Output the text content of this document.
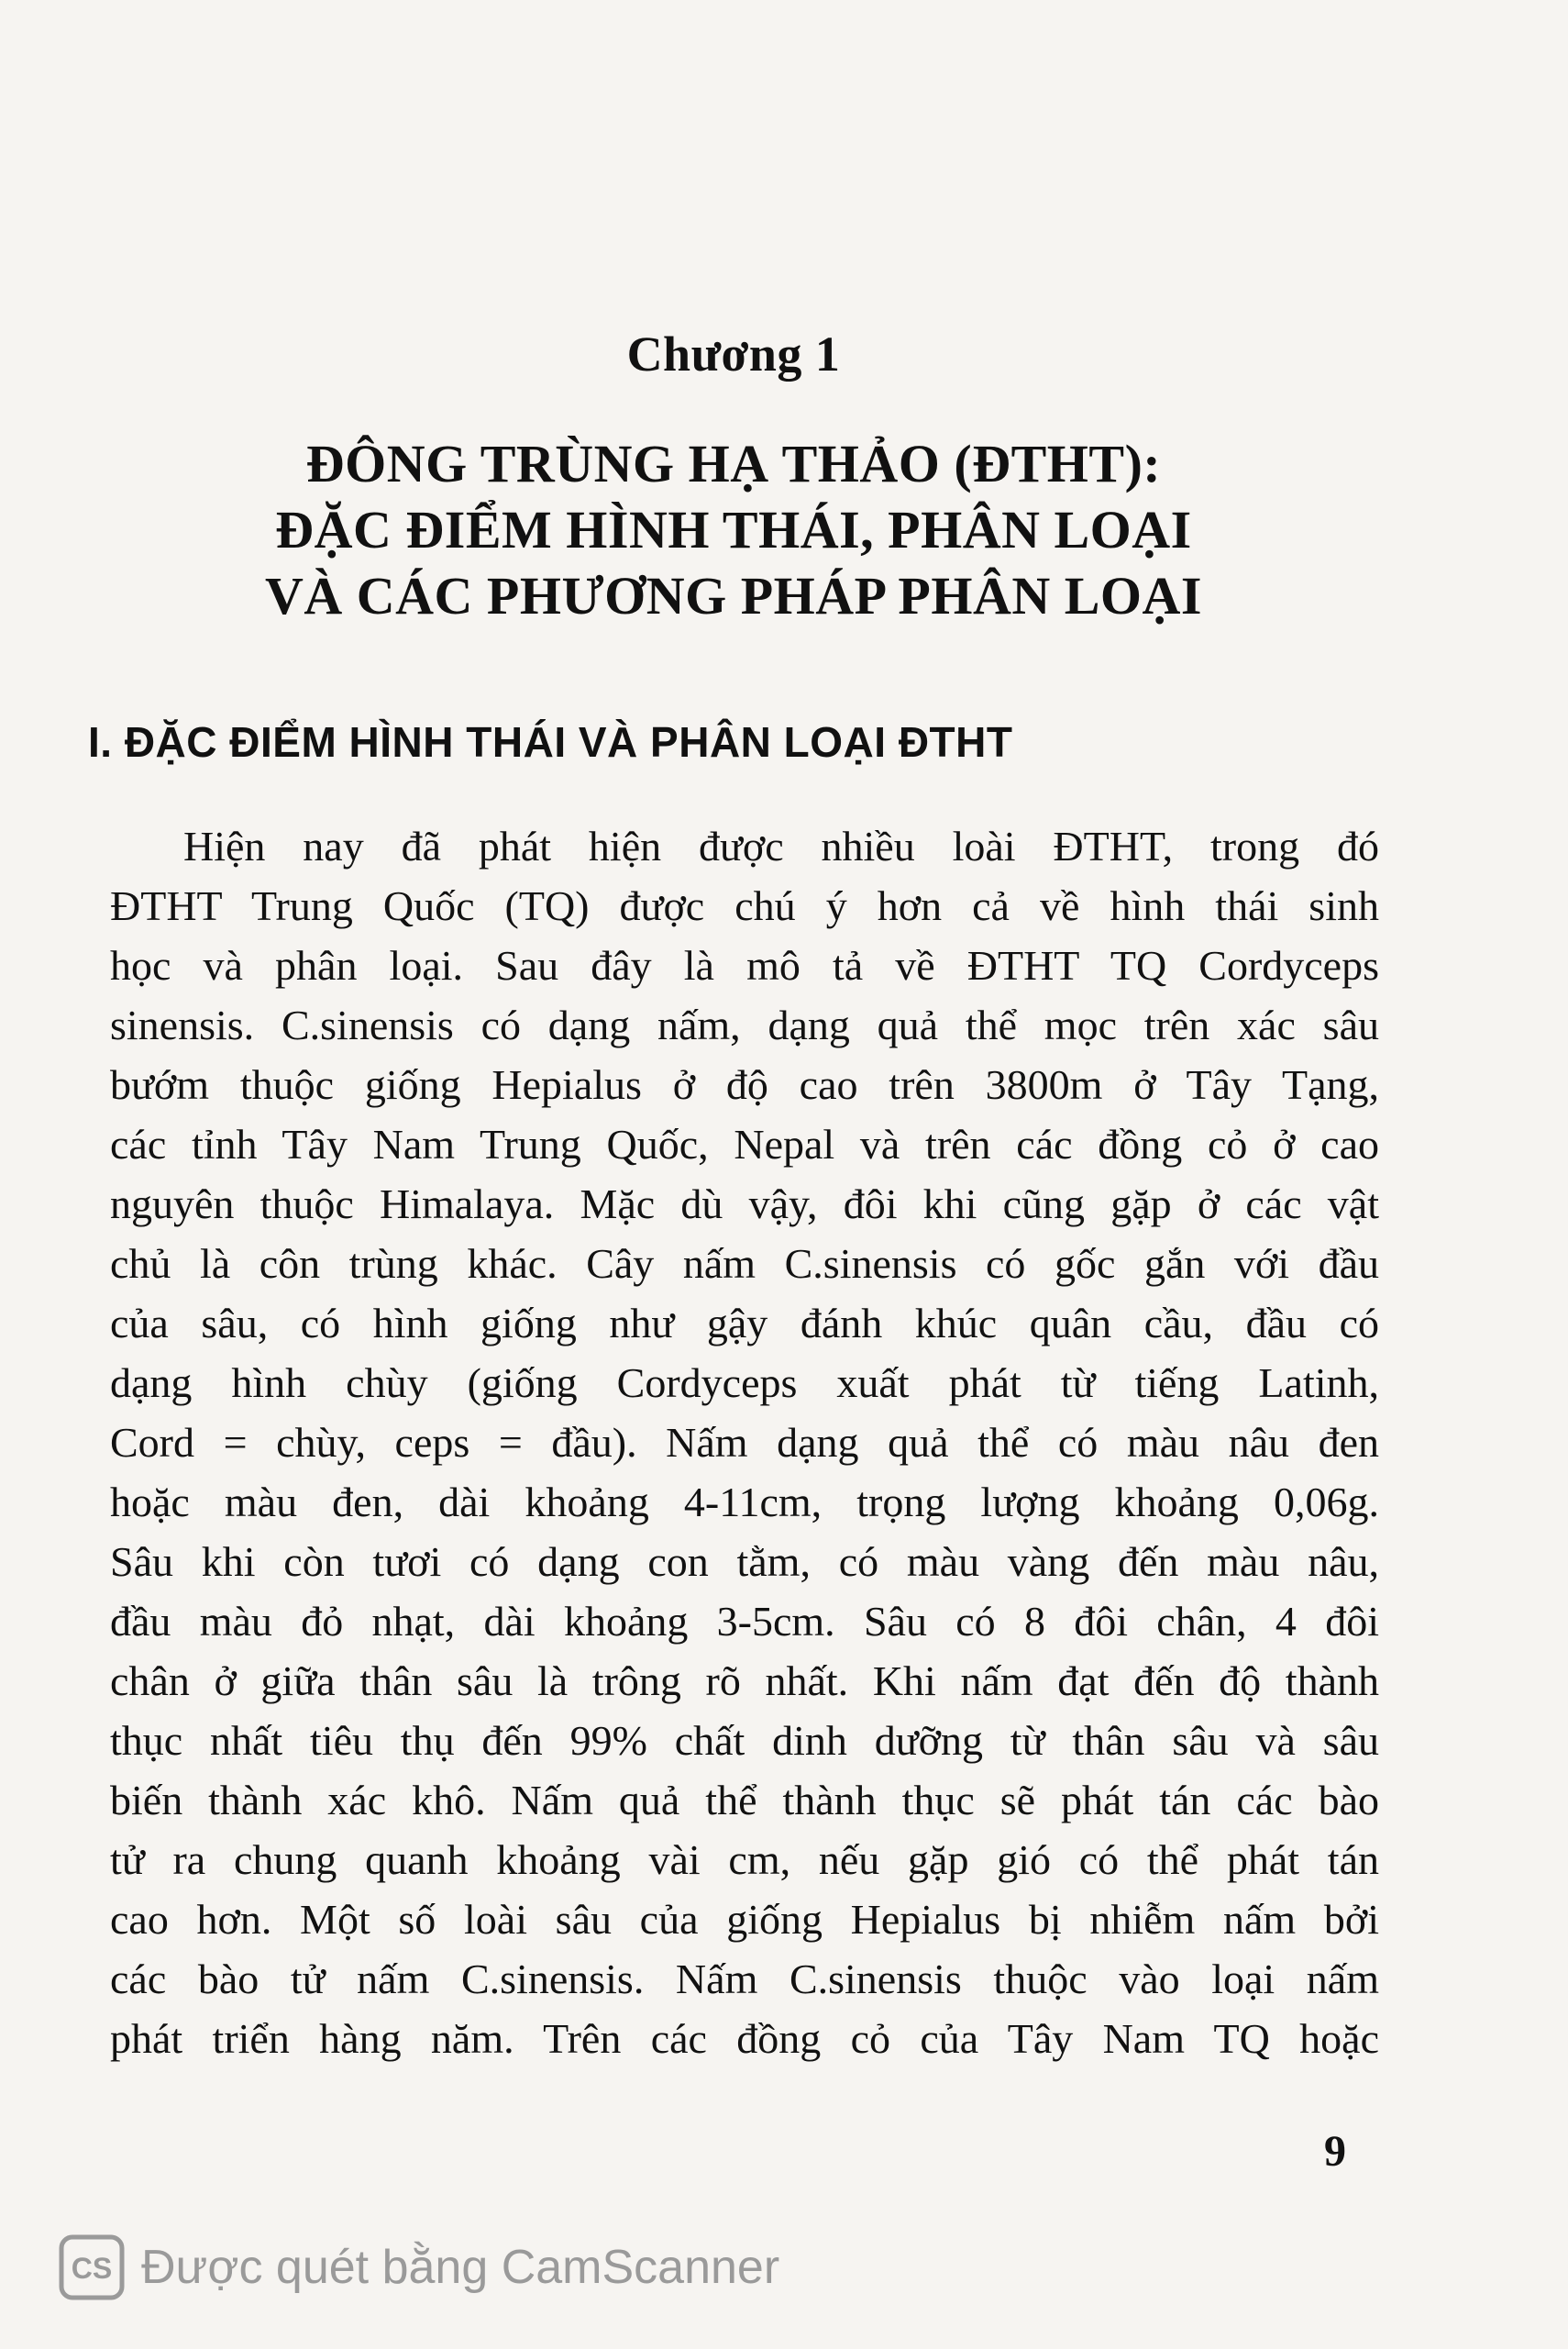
Chương 1
ĐÔNG TRÙNG HẠ THẢO (ĐTHT):
ĐẶC ĐIỂM HÌNH THÁI, PHÂN LOẠI
VÀ CÁC PHƯƠNG PHÁP PHÂN LOẠI
I. ĐẶC ĐIỂM HÌNH THÁI VÀ PHÂN LOẠI ĐTHT
Hiện nay đã phát hiện được nhiều loài ĐTHT, trong đó
ĐTHT Trung Quốc (TQ) được chú ý hơn cả về hình thái sinh
học và phân loại. Sau đây là mô tả về ĐTHT TQ Cordyceps
sinensis. C.sinensis có dạng nấm, dạng quả thể mọc trên xác sâu
bướm thuộc giống Hepialus ở độ cao trên 3800m ở Tây Tạng,
các tỉnh Tây Nam Trung Quốc, Nepal và trên các đồng cỏ ở cao
nguyên thuộc Himalaya. Mặc dù vậy, đôi khi cũng gặp ở các vật
chủ là côn trùng khác. Cây nấm C.sinensis có gốc gắn với đầu
của sâu, có hình giống như gậy đánh khúc quân cầu, đầu có
dạng hình chùy (giống Cordyceps xuất phát từ tiếng Latinh,
Cord = chùy, ceps = đầu). Nấm dạng quả thể có màu nâu đen
hoặc màu đen, dài khoảng 4-11cm, trọng lượng khoảng 0,06g.
Sâu khi còn tươi có dạng con tằm, có màu vàng đến màu nâu,
đầu màu đỏ nhạt, dài khoảng 3-5cm. Sâu có 8 đôi chân, 4 đôi
chân ở giữa thân sâu là trông rõ nhất. Khi nấm đạt đến độ thành
thục nhất tiêu thụ đến 99% chất dinh dưỡng từ thân sâu và sâu
biến thành xác khô. Nấm quả thể thành thục sẽ phát tán các bào
tử ra chung quanh khoảng vài cm, nếu gặp gió có thể phát tán
cao hơn. Một số loài sâu của giống Hepialus bị nhiễm nấm bởi
các bào tử nấm C.sinensis. Nấm C.sinensis thuộc vào loại nấm
phát triển hàng năm. Trên các đồng cỏ của Tây Nam TQ hoặc
9
CS Được quét bằng CamScanner
